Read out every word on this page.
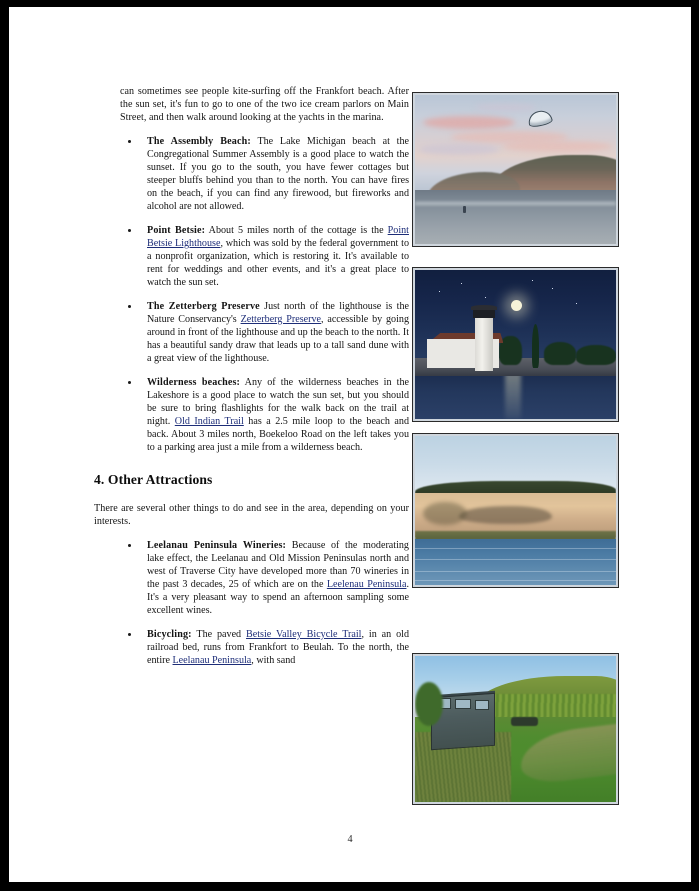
can sometimes see people kite-surfing off the Frankfort beach. After the sun set, it's fun to go to one of the two ice cream parlors on Main Street, and then walk around looking at the yachts in the marina.

The Assembly Beach: The Lake Michigan beach at the Congregational Summer Assembly is a good place to watch the sunset. If you go to the south, you have fewer cottages but steeper bluffs behind you than to the north. You can have fires on the beach, if you can find any firewood, but fireworks and alcohol are not allowed.
Point Betsie: About 5 miles north of the cottage is the Point Betsie Lighthouse, which was sold by the federal government to a nonprofit organization, which is restoring it. It's available to rent for weddings and other events, and it's a great place to watch the sun set.
The Zetterberg Preserve Just north of the lighthouse is the Nature Conservancy's Zetterberg Preserve, accessible by going around in front of the lighthouse and up the beach to the north. It has a beautiful sandy draw that leads up to a tall sand dune with a great view of the lighthouse.
Wilderness beaches: Any of the wilderness beaches in the Lakeshore is a good place to watch the sun set, but you should be sure to bring flashlights for the walk back on the trail at night. Old Indian Trail has a 2.5 mile loop to the beach and back. About 3 miles north, Boekeloo Road on the left takes you to a parking area just a mile from a wilderness beach.
4. Other Attractions

There are several other things to do and see in the area, depending on your interests.

Leelanau Peninsula Wineries: Because of the moderating lake effect, the Leelanau and Old Mission Peninsulas north and west of Traverse City have developed more than 70 wineries in the past 3 decades, 25 of which are on the Leelenau Peninsula. It's a very pleasant way to spend an afternoon sampling some excellent wines.
Bicycling: The paved Betsie Valley Bicycle Trail, in an old railroad bed, runs from Frankfort to Beulah. To the north, the entire Leelanau Peninsula, with sand
4
